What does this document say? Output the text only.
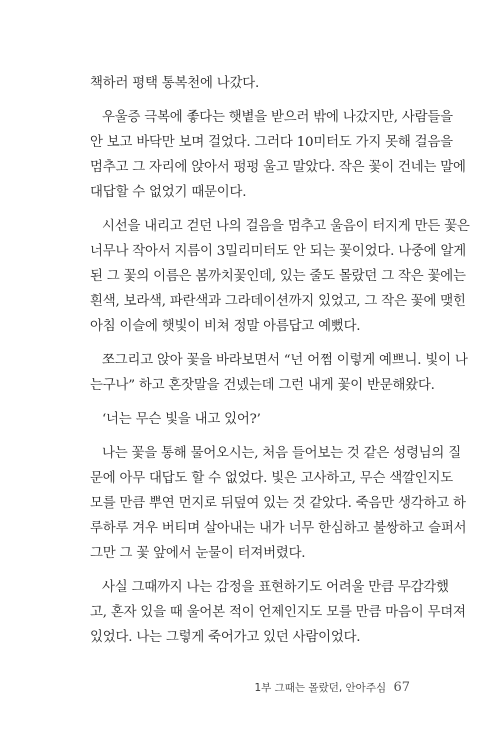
책하러 평택 통복천에 나갔다.
우울증 극복에 좋다는 햇볕을 받으러 밖에 나갔지만, 사람들을
안 보고 바닥만 보며 걸었다. 그러다 10미터도 가지 못해 걸음을
멈추고 그 자리에 앉아서 펑펑 울고 말았다. 작은 꽃이 건네는 말에
대답할 수 없었기 때문이다.
시선을 내리고 걷던 나의 걸음을 멈추고 울음이 터지게 만든 꽃은
너무나 작아서 지름이 3밀리미터도 안 되는 꽃이었다. 나중에 알게
된 그 꽃의 이름은 봄까치꽃인데, 있는 줄도 몰랐던 그 작은 꽃에는
흰색, 보라색, 파란색과 그라데이션까지 있었고, 그 작은 꽃에 맺힌
아침 이슬에 햇빛이 비쳐 정말 아름답고 예뻤다.
쪼그리고 앉아 꽃을 바라보면서 “넌 어쩜 이렇게 예쁘니. 빛이 나
는구나” 하고 혼잣말을 건넸는데 그런 내게 꽃이 반문해왔다.
‘너는 무슨 빛을 내고 있어?’
나는 꽃을 통해 물어오시는, 처음 들어보는 것 같은 성령님의 질
문에 아무 대답도 할 수 없었다. 빛은 고사하고, 무슨 색깔인지도
모를 만큼 뿌연 먼지로 뒤덮여 있는 것 같았다. 죽음만 생각하고 하
루하루 겨우 버티며 살아내는 내가 너무 한심하고 불쌍하고 슬퍼서
그만 그 꽃 앞에서 눈물이 터져버렸다.
사실 그때까지 나는 감정을 표현하기도 어려울 만큼 무감각했
고, 혼자 있을 때 울어본 적이 언제인지도 모를 만큼 마음이 무뎌져
있었다. 나는 그렇게 죽어가고 있던 사람이었다.
1부 그때는 몰랐던, 안아주심 67
